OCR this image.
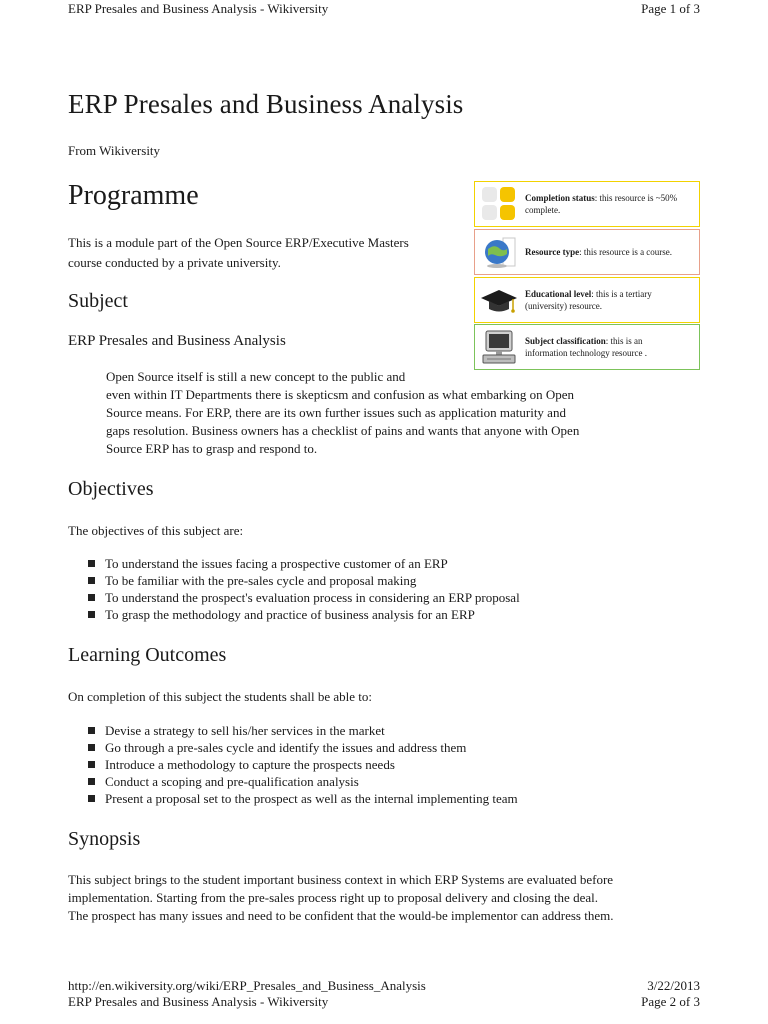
ERP Presales and Business Analysis - Wikiversity	Page 1 of 3
ERP Presales and Business Analysis
From Wikiversity
Programme

This is a module part of the Open Source ERP/Executive Masters
course conducted by a private university.

Subject
ERP Presales and Business Analysis
Open Source itself is still a new concept to the public and
even within IT Departments there is skepticsm and confusion as what embarking on Open
Source means. For ERP, there are its own further issues such as application maturity and
gaps resolution. Business owners has a checklist of pains and wants that anyone with Open
Source ERP has to grasp and respond to.
Objectives

The objectives of this subject are:

To understand the issues facing a prospective customer of an ERP
To be familiar with the pre-sales cycle and proposal making
To understand the prospect's evaluation process in considering an ERP proposal
To grasp the methodology and practice of business analysis for an ERP
Learning Outcomes

On completion of this subject the students shall be able to:

Devise a strategy to sell his/her services in the market
Go through a pre-sales cycle and identify the issues and address them
Introduce a methodology to capture the prospects needs
Conduct a scoping and pre-qualification analysis
Present a proposal set to the prospect as well as the internal implementing team
Synopsis

This subject brings to the student important business context in which ERP Systems are evaluated before
implementation. Starting from the pre-sales process right up to proposal delivery and closing the deal.
The prospect has many issues and need to be confident that the would-be implementor can address them.

Completion status: this resource is ~50%
complete.
Resource type: this resource is a course.
Educational level: this is a tertiary
(university) resource.
Subject classification: this is an
information technology resource .
http://en.wikiversity.org/wiki/ERP_Presales_and_Business_Analysis	3/22/2013
ERP Presales and Business Analysis - Wikiversity	Page 2 of 3
